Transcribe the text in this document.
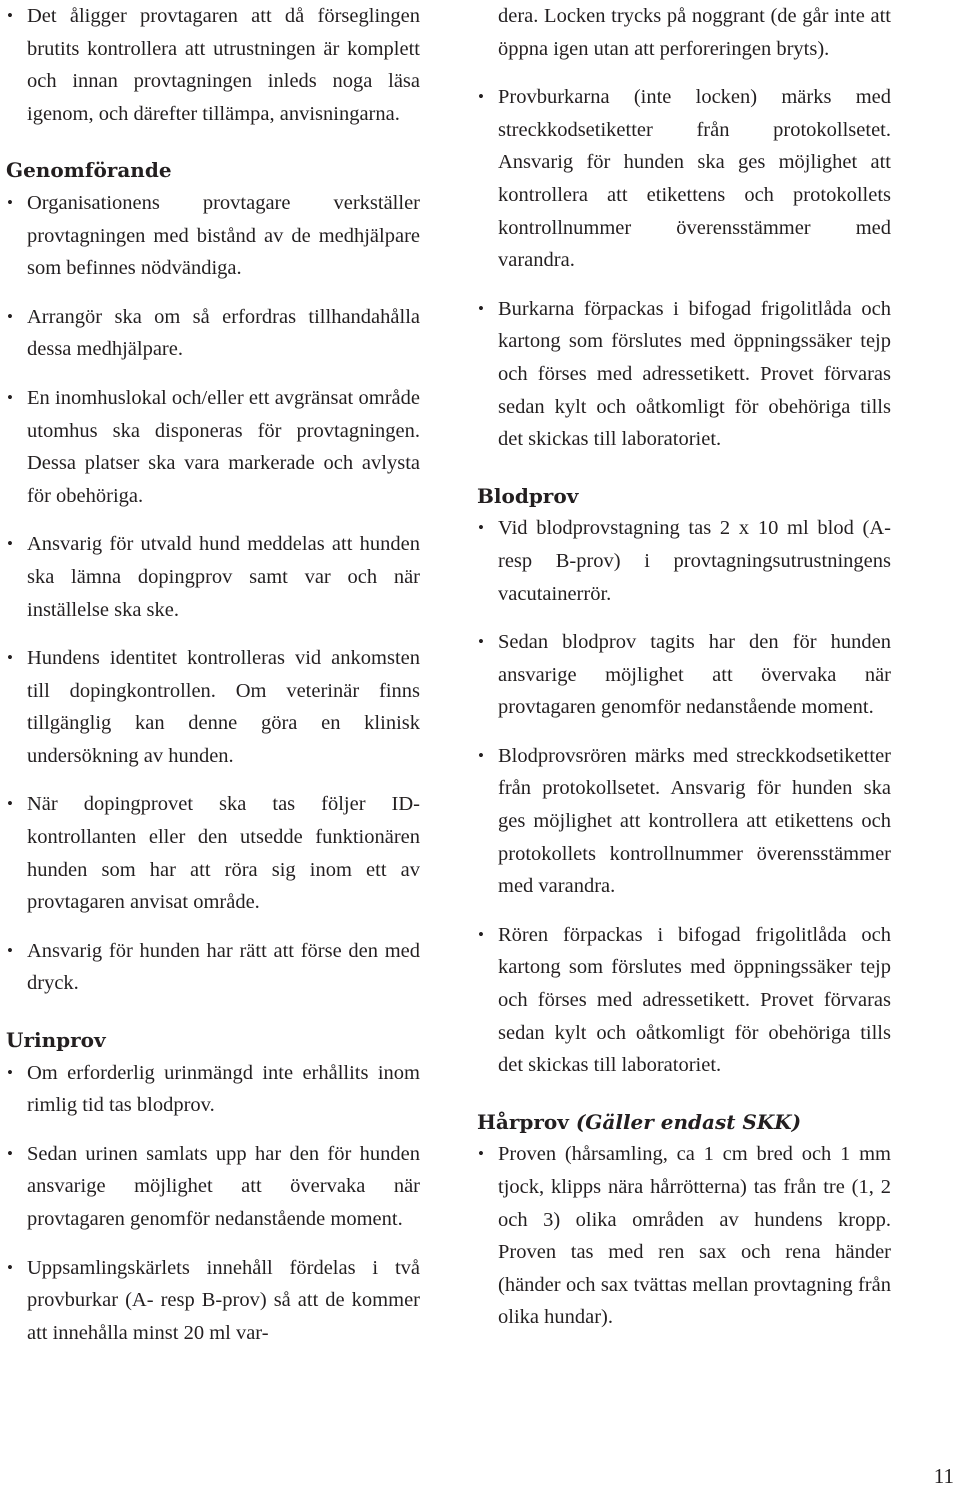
• Det åligger provtagaren att då förseglingen brutits kontrollera att utrustningen är komplett och innan provtagningen inleds noga läsa igenom, och därefter tillämpa, anvisningarna.
Genomförande
• Organisationens provtagare verkställer provtagningen med bistånd av de medhjälpare som befinnes nödvändiga.
• Arrangör ska om så erfordras tillhandahålla dessa medhjälpare.
• En inomhuslokal och/eller ett avgränsat område utomhus ska disponeras för provtagningen. Dessa platser ska vara markerade och avlysta för obehöriga.
• Ansvarig för utvald hund meddelas att hunden ska lämna dopingprov samt var och när inställelse ska ske.
• Hundens identitet kontrolleras vid ankomsten till dopingkontrollen. Om veterinär finns tillgänglig kan denne göra en klinisk undersökning av hunden.
• När dopingprovet ska tas följer ID-kontrollanten eller den utsedde funktionären hunden som har att röra sig inom ett av provtagaren anvisat område.
• Ansvarig för hunden har rätt att förse den med dryck.
Urinprov
• Om erforderlig urinmängd inte erhållits inom rimlig tid tas blodprov.
• Sedan urinen samlats upp har den för hunden ansvarige möjlighet att övervaka när provtagaren genomför nedanstående moment.
• Uppsamlingskärlets innehåll fördelas i två provburkar (A- resp B-prov) så att de kommer att innehålla minst 20 ml var-
dera. Locken trycks på noggrant (de går inte att öppna igen utan att perforeringen bryts).
• Provburkarna (inte locken) märks med streckkodsetiketter från protokollsetet. Ansvarig för hunden ska ges möjlighet att kontrollera att etikettens och protokollets kontrollnummer överensstämmer med varandra.
• Burkarna förpackas i bifogad frigolitlåda och kartong som förslutes med öppningssäker tejp och förses med adressetikett. Provet förvaras sedan kylt och oåtkomligt för obehöriga tills det skickas till laboratoriet.
Blodprov
• Vid blodprovstagning tas 2 x 10 ml blod (A- resp B-prov) i provtagningsutrustningens vacutainerrör.
• Sedan blodprov tagits har den för hunden ansvarige möjlighet att övervaka när provtagaren genomför nedanstående moment.
• Blodprovsrören märks med streckkodsetiketter från protokollsetet. Ansvarig för hunden ska ges möjlighet att kontrollera att etikettens och protokollets kontrollnummer överensstämmer med varandra.
• Rören förpackas i bifogad frigolitlåda och kartong som förslutes med öppningssäker tejp och förses med adressetikett. Provet förvaras sedan kylt och oåtkomligt för obehöriga tills det skickas till laboratoriet.
Hårprov (Gäller endast SKK)
• Proven (hårsamling, ca 1 cm bred och 1 mm tjock, klipps nära hårrötterna) tas från tre (1, 2 och 3) olika områden av hundens kropp. Proven tas med ren sax och rena händer (händer och sax tvättas mellan provtagning från olika hundar).
11
